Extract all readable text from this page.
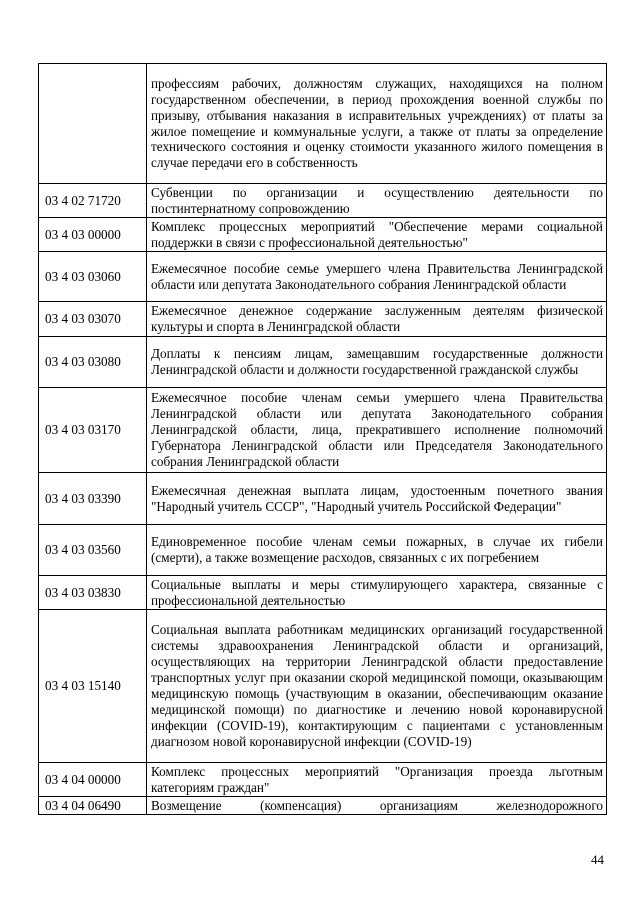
	профессиям рабочих, должностям служащих, находящихся на полном государственном обеспечении, в период прохождения военной службы по призыву, отбывания наказания в исправительных учреждениях) от платы за жилое помещение и коммунальные услуги, а также от платы за определение технического состояния и оценку стоимости указанного жилого помещения в случае передачи его в собственность
03 4 02 71720	Субвенции по организации и осуществлению деятельности по постинтернатному сопровождению
03 4 03 00000	Комплекс процессных мероприятий "Обеспечение мерами социальной поддержки в связи с профессиональной деятельностью"
03 4 03 03060	Ежемесячное пособие семье умершего члена Правительства Ленинградской области или депутата Законодательного собрания Ленинградской области
03 4 03 03070	Ежемесячное денежное содержание заслуженным деятелям физической культуры и спорта в Ленинградской области
03 4 03 03080	Доплаты к пенсиям лицам, замещавшим государственные должности Ленинградской области и должности государственной гражданской службы
03 4 03 03170	Ежемесячное пособие членам семьи умершего члена Правительства Ленинградской области или депутата Законодательного собрания Ленинградской области, лица, прекратившего исполнение полномочий Губернатора Ленинградской области или Председателя Законодательного собрания Ленинградской области
03 4 03 03390	Ежемесячная денежная выплата лицам, удостоенным почетного звания "Народный учитель СССР", "Народный учитель Российской Федерации"
03 4 03 03560	Единовременное пособие членам семьи пожарных, в случае их гибели (смерти), а также возмещение расходов, связанных с их погребением
03 4 03 03830	Социальные выплаты и меры стимулирующего характера, связанные с профессиональной деятельностью
03 4 03 15140	Социальная выплата работникам медицинских организаций государственной системы здравоохранения Ленинградской области и организаций, осуществляющих на территории Ленинградской области предоставление транспортных услуг при оказании скорой медицинской помощи, оказывающим медицинскую помощь (участвующим в оказании, обеспечивающим оказание медицинской помощи) по диагностике и лечению новой коронавирусной инфекции (COVID-19), контактирующим с пациентами с установленным диагнозом новой коронавирусной инфекции (COVID-19)
03 4 04 00000	Комплекс процессных мероприятий "Организация проезда льготным категориям граждан"
03 4 04 06490	Возмещение (компенсация) организациям железнодорожного
44
